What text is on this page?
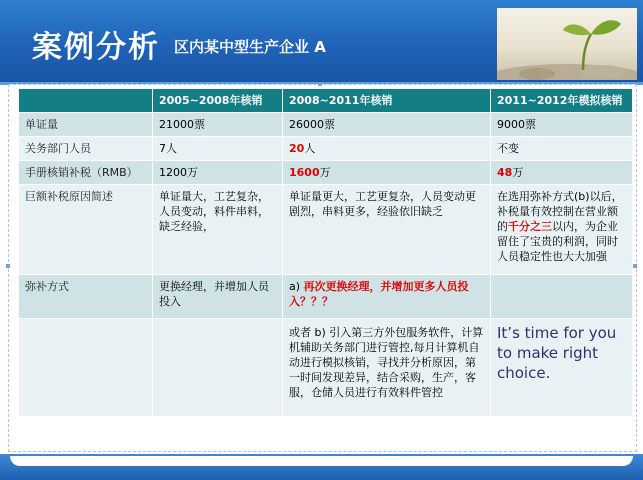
案例分析 区内某中型生产企业 A
	2005~2008年核销	2008~2011年核销	2011~2012年模拟核销
单证量	21000票	26000票	9000票
关务部门人员	7人	20人	不变
手册核销补税（RMB）	1200万	1600万	48万
巨额补税原因简述	单证量大，工艺复杂，人员变动，料件串料，缺乏经验，	单证量更大，工艺更复杂，人员变动更剧烈，串料更多，经验依旧缺乏	在选用弥补方式(b)以后，补税量有效控制在营业额的千分之三以内，为企业留住了宝贵的利润，同时人员稳定性也大大加强
弥补方式	更换经理，并增加人员投入	a) 再次更换经理，并增加更多人员投入？？？	
		或者 b) 引入第三方外包服务软件，计算机辅助关务部门进行管控,每月计算机自动进行模拟核销，寻找并分析原因，第一时间发现差异，结合采购，生产，客服，仓储人员进行有效料件管控	It’s time for you to make right choice.
